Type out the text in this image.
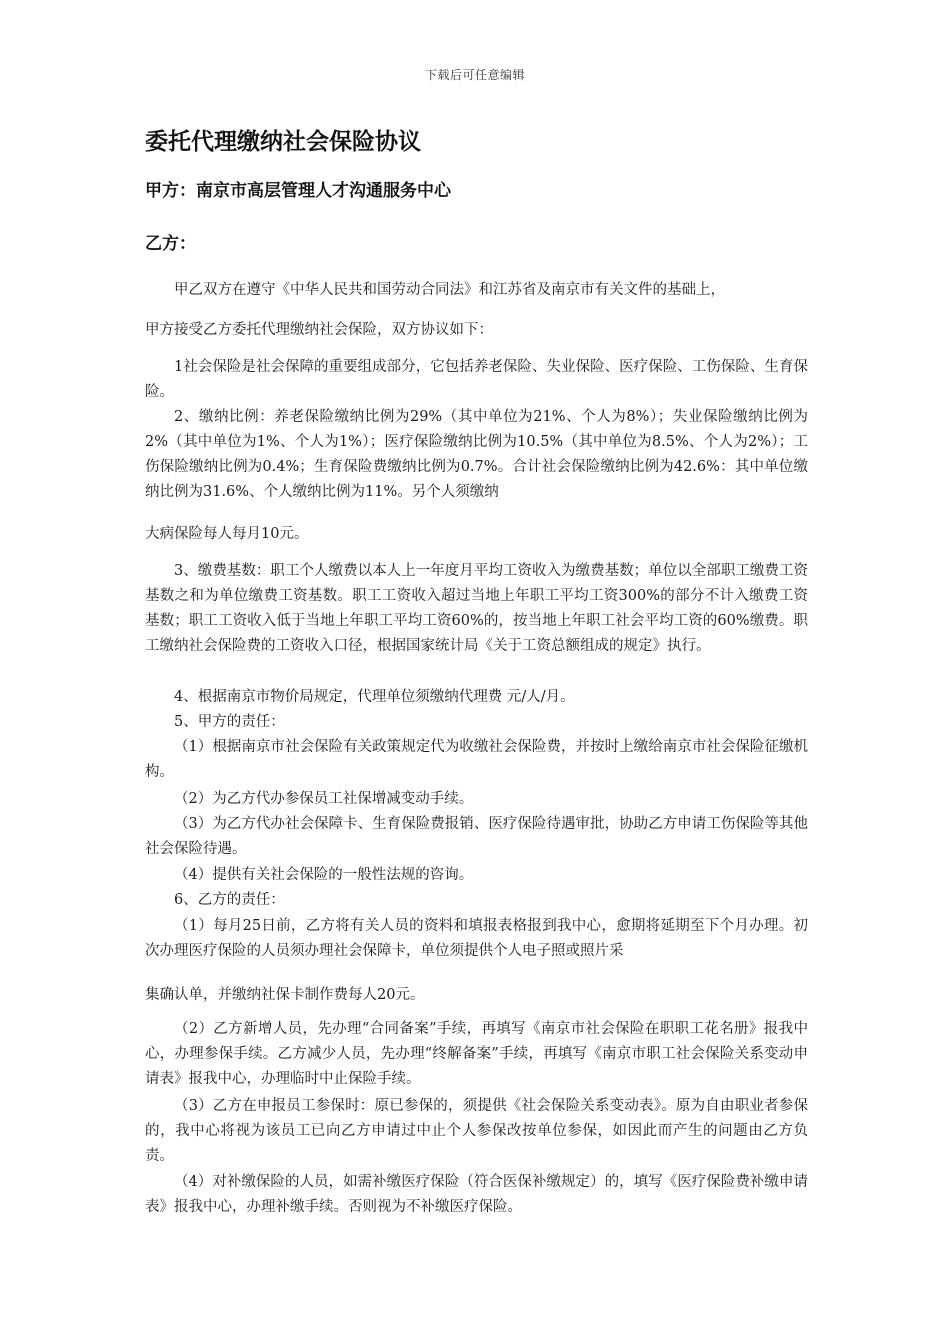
下载后可任意编辑
委托代理缴纳社会保险协议
甲方：南京市高层管理人才沟通服务中心
乙方：
甲乙双方在遵守《中华人民共和国劳动合同法》和江苏省及南京市有关文件的基础上，
甲方接受乙方委托代理缴纳社会保险，双方协议如下：
1社会保险是社会保障的重要组成部分，它包括养老保险、失业保险、医疗保险、工伤保险、生育保险。
2、缴纳比例：养老保险缴纳比例为29%（其中单位为21%、个人为8%）；失业保险缴纳比例为2%（其中单位为1%、个人为1%）；医疗保险缴纳比例为10.5%（其中单位为8.5%、个人为2%）；工伤保险缴纳比例为0.4%；生育保险费缴纳比例为0.7%。合计社会保险缴纳比例为42.6%：其中单位缴纳比例为31.6%、个人缴纳比例为11%。另个人须缴纳
大病保险每人每月10元。
3、缴费基数：职工个人缴费以本人上一年度月平均工资收入为缴费基数；单位以全部职工缴费工资基数之和为单位缴费工资基数。职工工资收入超过当地上年职工平均工资300%的部分不计入缴费工资基数；职工工资收入低于当地上年职工平均工资60%的，按当地上年职工社会平均工资的60%缴费。职工缴纳社会保险费的工资收入口径，根据国家统计局《关于工资总额组成的规定》执行。
4、根据南京市物价局规定，代理单位须缴纳代理费 元/人/月。
5、甲方的责任：
（1）根据南京市社会保险有关政策规定代为收缴社会保险费，并按时上缴给南京市社会保险征缴机构。
（2）为乙方代办参保员工社保增减变动手续。
（3）为乙方代办社会保障卡、生育保险费报销、医疗保险待遇审批，协助乙方申请工伤保险等其他社会保险待遇。
（4）提供有关社会保险的一般性法规的咨询。
6、乙方的责任：
（1）每月25日前，乙方将有关人员的资料和填报表格报到我中心，愈期将延期至下个月办理。初次办理医疗保险的人员须办理社会保障卡，单位须提供个人电子照或照片采
集确认单，并缴纳社保卡制作费每人20元。
（2）乙方新增人员，先办理“合同备案”手续，再填写《南京市社会保险在职职工花名册》报我中心，办理参保手续。乙方减少人员，先办理“终解备案”手续，再填写《南京市职工社会保险关系变动申请表》报我中心，办理临时中止保险手续。
（3）乙方在申报员工参保时：原已参保的，须提供《社会保险关系变动表》。原为自由职业者参保的，我中心将视为该员工已向乙方申请过中止个人参保改按单位参保，如因此而产生的问题由乙方负责。
（4）对补缴保险的人员，如需补缴医疗保险（符合医保补缴规定）的，填写《医疗保险费补缴申请表》报我中心，办理补缴手续。否则视为不补缴医疗保险。
